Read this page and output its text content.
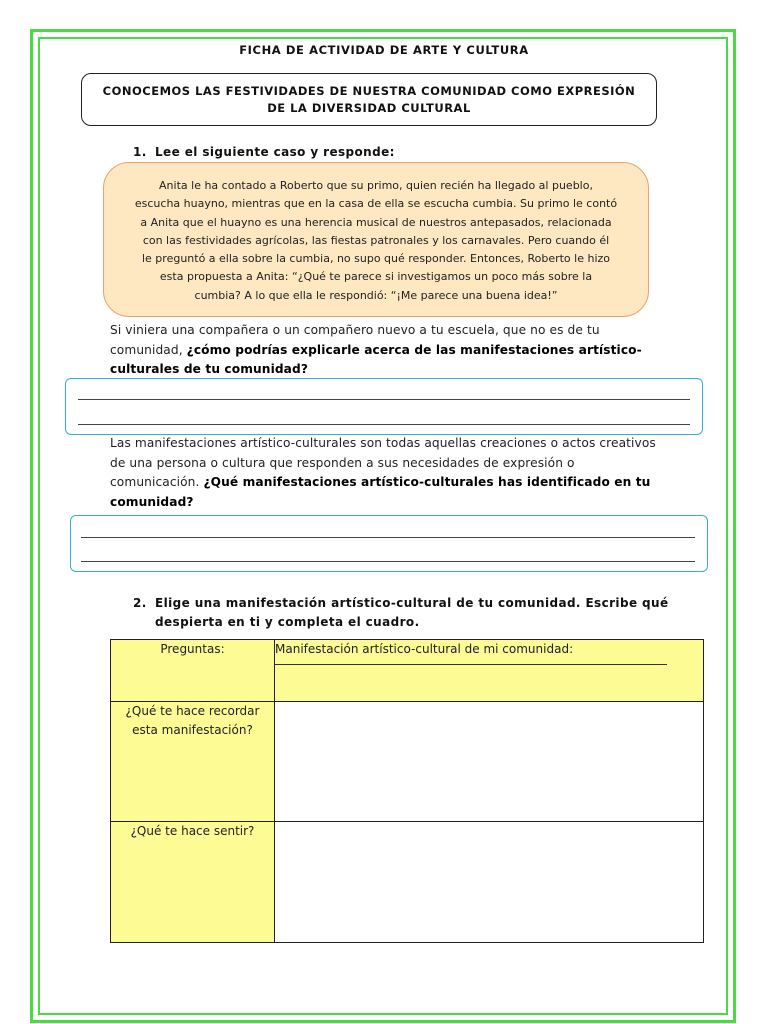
FICHA DE ACTIVIDAD DE ARTE Y CULTURA
CONOCEMOS LAS FESTIVIDADES DE NUESTRA COMUNIDAD COMO EXPRESIÓN DE LA DIVERSIDAD CULTURAL
1. Lee el siguiente caso y responde:
Anita le ha contado a Roberto que su primo, quien recién ha llegado al pueblo,
escucha huayno, mientras que en la casa de ella se escucha cumbia. Su primo le contó
a Anita que el huayno es una herencia musical de nuestros antepasados, relacionada
con las festividades agrícolas, las fiestas patronales y los carnavales. Pero cuando él
le preguntó a ella sobre la cumbia, no supo qué responder. Entonces, Roberto le hizo
esta propuesta a Anita: “¿Qué te parece si investigamos un poco más sobre la
cumbia? A lo que ella le respondió: “¡Me parece una buena idea!”
Si viniera una compañera o un compañero nuevo a tu escuela, que no es de tu comunidad, ¿cómo podrías explicarle acerca de las manifestaciones artístico-culturales de tu comunidad?
Las manifestaciones artístico-culturales son todas aquellas creaciones o actos creativos de una persona o cultura que responden a sus necesidades de expresión o comunicación. ¿Qué manifestaciones artístico-culturales has identificado en tu comunidad?
2. Elige una manifestación artístico-cultural de tu comunidad. Escribe qué
despierta en ti y completa el cuadro.
Preguntas:	Manifestación artístico-cultural de mi comunidad:

¿Qué te hace recordar esta manifestación?	
¿Qué te hace sentir?	
